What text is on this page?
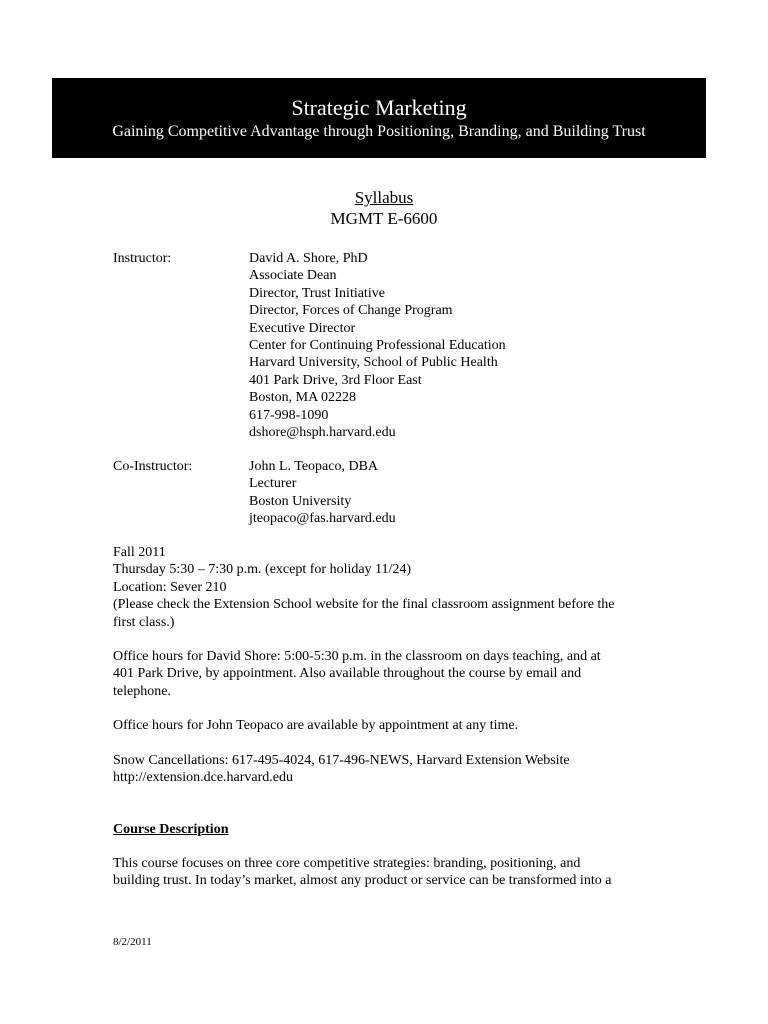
Strategic Marketing
Gaining Competitive Advantage through Positioning, Branding, and Building Trust
Syllabus
MGMT E-6600
Instructor:	David A. Shore, PhD
Associate Dean
Director, Trust Initiative
Director, Forces of Change Program
Executive Director
Center for Continuing Professional Education
Harvard University, School of Public Health
401 Park Drive, 3rd Floor East
Boston, MA 02228
617-998-1090
dshore@hsph.harvard.edu
Co-Instructor:	John L. Teopaco, DBA
Lecturer
Boston University
jteopaco@fas.harvard.edu
Fall 2011
Thursday 5:30 – 7:30 p.m. (except for holiday 11/24)
Location: Sever 210
(Please check the Extension School website for the final classroom assignment before the
first class.)
Office hours for David Shore: 5:00-5:30 p.m. in the classroom on days teaching, and at
401 Park Drive, by appointment. Also available throughout the course by email and
telephone.
Office hours for John Teopaco are available by appointment at any time.
Snow Cancellations: 617-495-4024, 617-496-NEWS, Harvard Extension Website
http://extension.dce.harvard.edu
Course Description
This course focuses on three core competitive strategies: branding, positioning, and
building trust. In today’s market, almost any product or service can be transformed into a
8/2/2011
